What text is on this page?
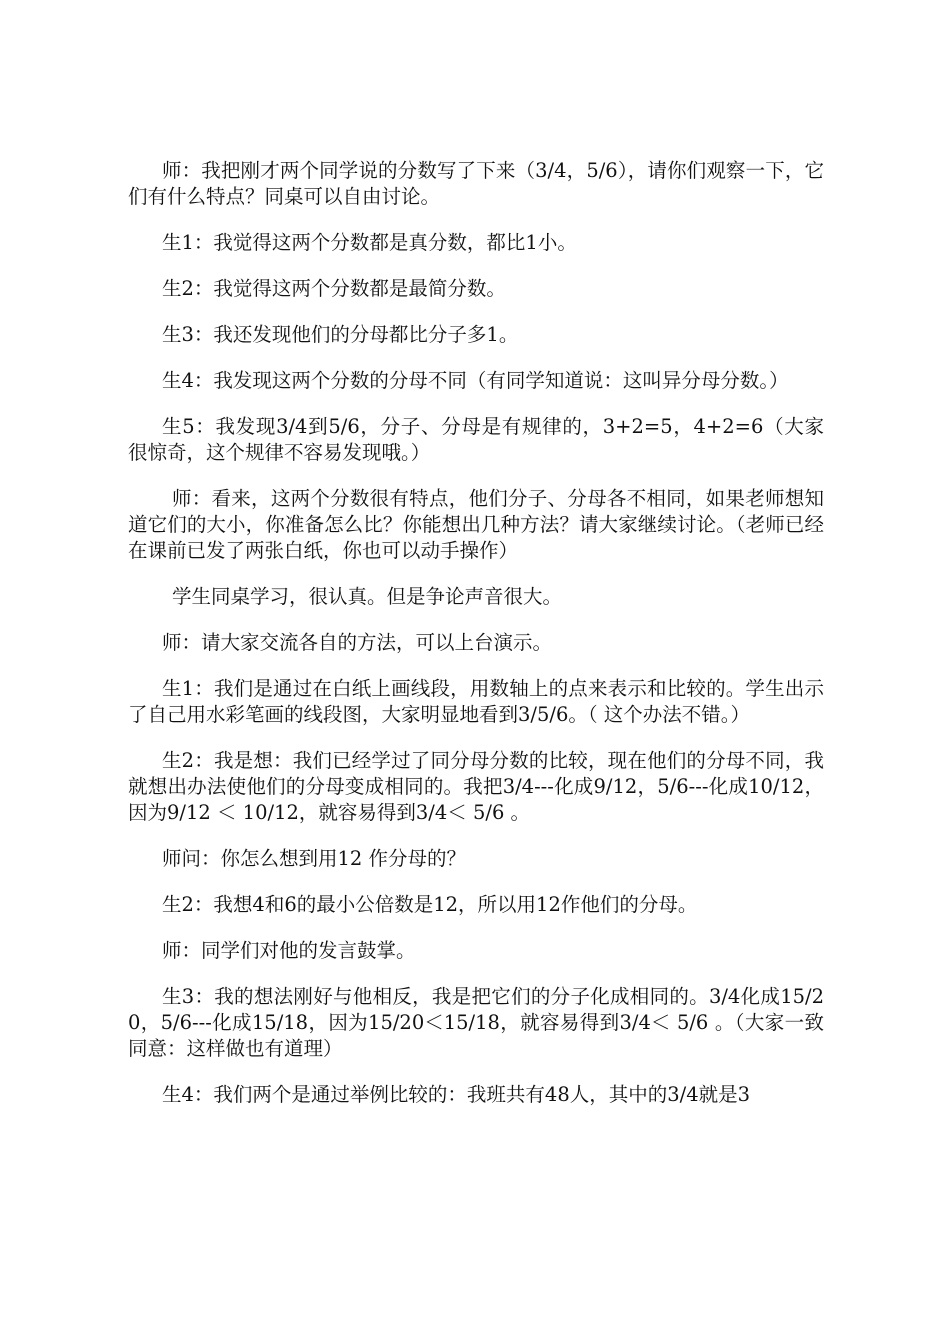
师：我把刚才两个同学说的分数写了下来（3/4，5/6），请你们观察一下，它们有什么特点？同桌可以自由讨论。

生1：我觉得这两个分数都是真分数，都比1小。

生2：我觉得这两个分数都是最简分数。

生3：我还发现他们的分母都比分子多1。

生4：我发现这两个分数的分母不同（有同学知道说：这叫异分母分数。）

生5：我发现3/4到5/6，分子、分母是有规律的，3+2=5，4+2=6（大家很惊奇，这个规律不容易发现哦。）

师：看来，这两个分数很有特点，他们分子、分母各不相同，如果老师想知道它们的大小，你准备怎么比？你能想出几种方法？请大家继续讨论。（老师已经在课前已发了两张白纸，你也可以动手操作）

学生同桌学习，很认真。但是争论声音很大。

师：请大家交流各自的方法，可以上台演示。

生1：我们是通过在白纸上画线段，用数轴上的点来表示和比较的。学生出示了自己用水彩笔画的线段图，大家明显地看到3/5/6。（ 这个办法不错。）

生2：我是想：我们已经学过了同分母分数的比较，现在他们的分母不同，我就想出办法使他们的分母变成相同的。我把3/4---化成9/12，5/6---化成10/12，因为9/12 ＜ 10/12，就容易得到3/4＜ 5/6 。

师问：你怎么想到用12 作分母的？

生2：我想4和6的最小公倍数是12，所以用12作他们的分母。

师：同学们对他的发言鼓掌。

生3：我的想法刚好与他相反，我是把它们的分子化成相同的。3/4化成15/20，5/6---化成15/18，因为15/20＜15/18，就容易得到3/4＜ 5/6 。（大家一致同意：这样做也有道理）

生4：我们两个是通过举例比较的：我班共有48人，其中的3/4就是3
